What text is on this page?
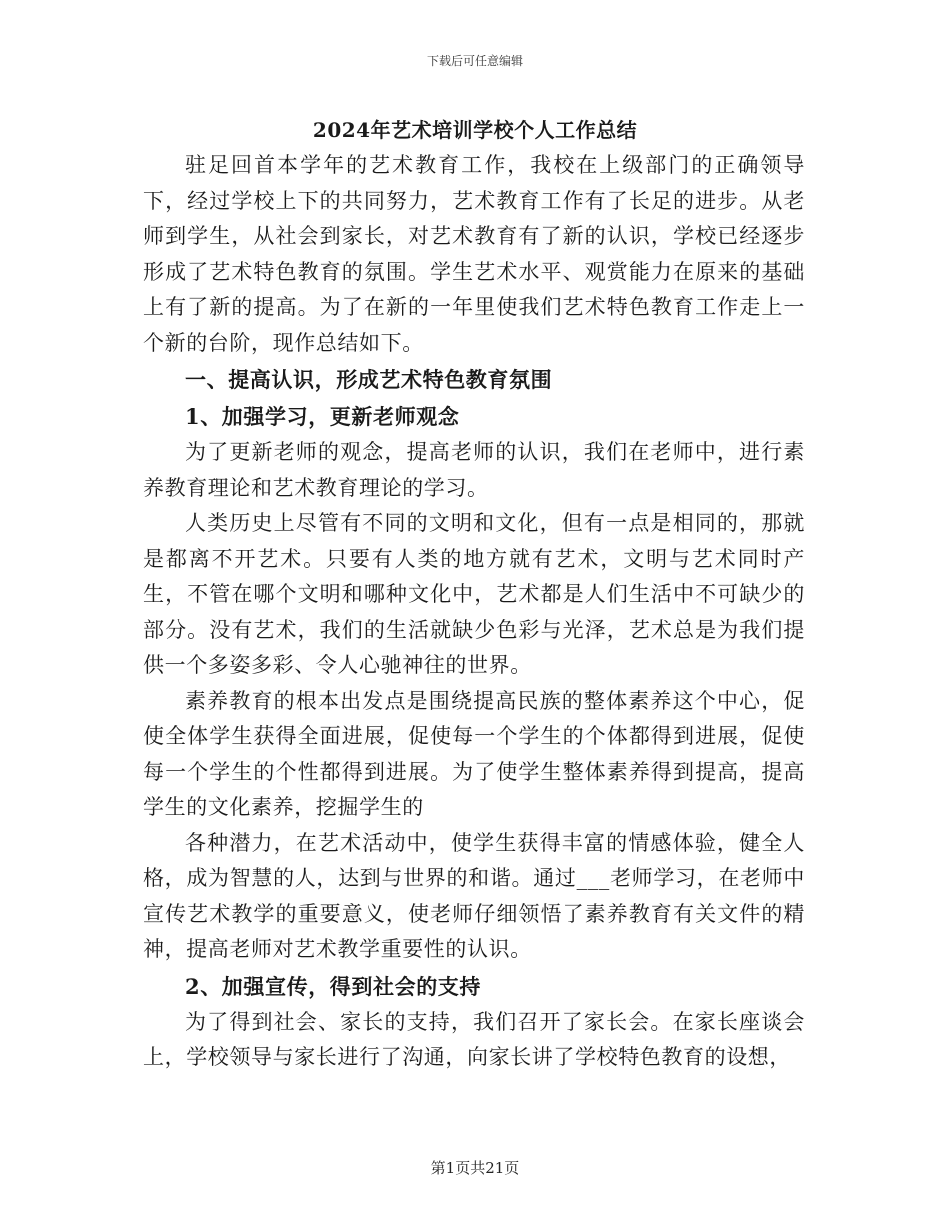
下载后可任意编辑
2024年艺术培训学校个人工作总结

驻足回首本学年的艺术教育工作，我校在上级部门的正确领导下，经过学校上下的共同努力，艺术教育工作有了长足的进步。从老师到学生，从社会到家长，对艺术教育有了新的认识，学校已经逐步形成了艺术特色教育的氛围。学生艺术水平、观赏能力在原来的基础上有了新的提高。为了在新的一年里使我们艺术特色教育工作走上一个新的台阶，现作总结如下。

一、提高认识，形成艺术特色教育氛围

1、加强学习，更新老师观念

为了更新老师的观念，提高老师的认识，我们在老师中，进行素养教育理论和艺术教育理论的学习。

人类历史上尽管有不同的文明和文化，但有一点是相同的，那就是都离不开艺术。只要有人类的地方就有艺术，文明与艺术同时产生，不管在哪个文明和哪种文化中，艺术都是人们生活中不可缺少的部分。没有艺术，我们的生活就缺少色彩与光泽，艺术总是为我们提供一个多姿多彩、令人心驰神往的世界。

素养教育的根本出发点是围绕提高民族的整体素养这个中心，促使全体学生获得全面进展，促使每一个学生的个体都得到进展，促使每一个学生的个性都得到进展。为了使学生整体素养得到提高，提高学生的文化素养，挖掘学生的

各种潜力，在艺术活动中，使学生获得丰富的情感体验，健全人格，成为智慧的人，达到与世界的和谐。通过___老师学习，在老师中宣传艺术教学的重要意义，使老师仔细领悟了素养教育有关文件的精神，提高老师对艺术教学重要性的认识。

2、加强宣传，得到社会的支持

为了得到社会、家长的支持，我们召开了家长会。在家长座谈会上，学校领导与家长进行了沟通，向家长讲了学校特色教育的设想，

第1页共21页
